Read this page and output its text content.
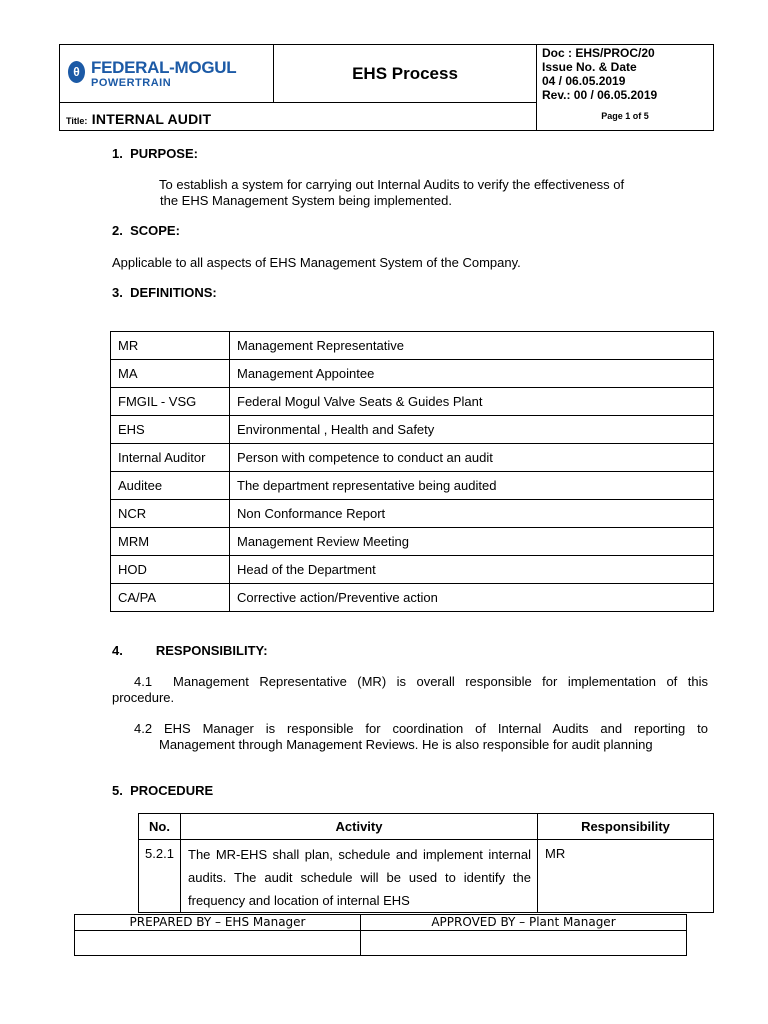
θ FEDERAL-MOGUL
POWERTRAIN
EHS Process
Doc : EHS/PROC/20
Issue No. & Date
04 / 06.05.2019
Rev.: 00 / 06.05.2019
Title: INTERNAL AUDIT	Page 1 of 5
1. PURPOSE:
To establish a system for carrying out Internal Audits to verify the effectiveness of
the EHS Management System being implemented.
2. SCOPE:
Applicable to all aspects of EHS Management System of the Company.
3. DEFINITIONS:
MR	Management Representative
MA	Management Appointee
FMGIL - VSG	Federal Mogul Valve Seats & Guides Plant
EHS	Environmental , Health and Safety
Internal Auditor	Person with competence to conduct an audit
Auditee	The department representative being audited
NCR	Non Conformance Report
MRM	Management Review Meeting
HOD	Head of the Department
CA/PA	Corrective action/Preventive action
4.	RESPONSIBILITY:
4.1 Management Representative (MR) is overall responsible for implementation of this
procedure.
4.2 EHS Manager is responsible for coordination of Internal Audits and reporting to
Management through Management Reviews. He is also responsible for audit planning
5. PROCEDURE
No.	Activity	Responsibility
5.2.1	The MR-EHS shall plan, schedule and implement internal audits. The audit schedule will be used to identify the frequency and location of internal EHS	MR
PREPARED BY – EHS Manager	APPROVED BY – Plant Manager
